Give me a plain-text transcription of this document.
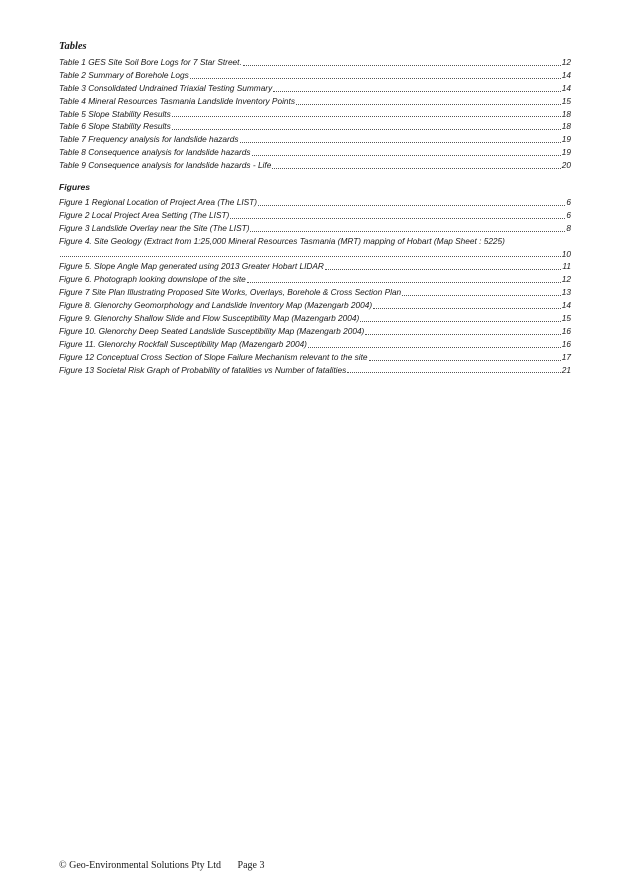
Tables
Table 1 GES Site Soil Bore Logs for 7 Star Street.	12
Table 2 Summary of Borehole Logs	14
Table 3 Consolidated Undrained Triaxial Testing Summary	14
Table 4 Mineral Resources Tasmania Landslide Inventory Points	15
Table 5 Slope Stability Results	18
Table 6 Slope Stability Results	18
Table 7 Frequency analysis for landslide hazards	19
Table 8 Consequence analysis for landslide hazards	19
Table 9 Consequence analysis for landslide hazards - Life	20
Figures
Figure 1 Regional Location of Project Area (The LIST)	6
Figure 2 Local Project Area Setting (The LIST)	6
Figure 3 Landslide Overlay near the Site (The LIST)	8
Figure 4. Site Geology (Extract from 1:25,000 Mineral Resources Tasmania (MRT) mapping of Hobart (Map Sheet : 5225)
10
Figure 5. Slope Angle Map generated using 2013 Greater Hobart LIDAR	11
Figure 6. Photograph looking downslope of the site	12
Figure 7 Site Plan Illustrating Proposed Site Works, Overlays, Borehole & Cross Section Plan	13
Figure 8. Glenorchy Geomorphology and Landslide Inventory Map (Mazengarb 2004)	14
Figure 9. Glenorchy Shallow Slide and Flow Susceptibility Map (Mazengarb 2004)	15
Figure 10. Glenorchy Deep Seated Landslide Susceptibility Map (Mazengarb 2004)	16
Figure 11. Glenorchy Rockfall Susceptibility Map (Mazengarb 2004)	16
Figure 12 Conceptual Cross Section of Slope Failure Mechanism relevant to the site	17
Figure 13 Societal Risk Graph of Probability of fatalities vs Number of fatalities	21
© Geo-Environmental Solutions Pty Ltd Page 3
